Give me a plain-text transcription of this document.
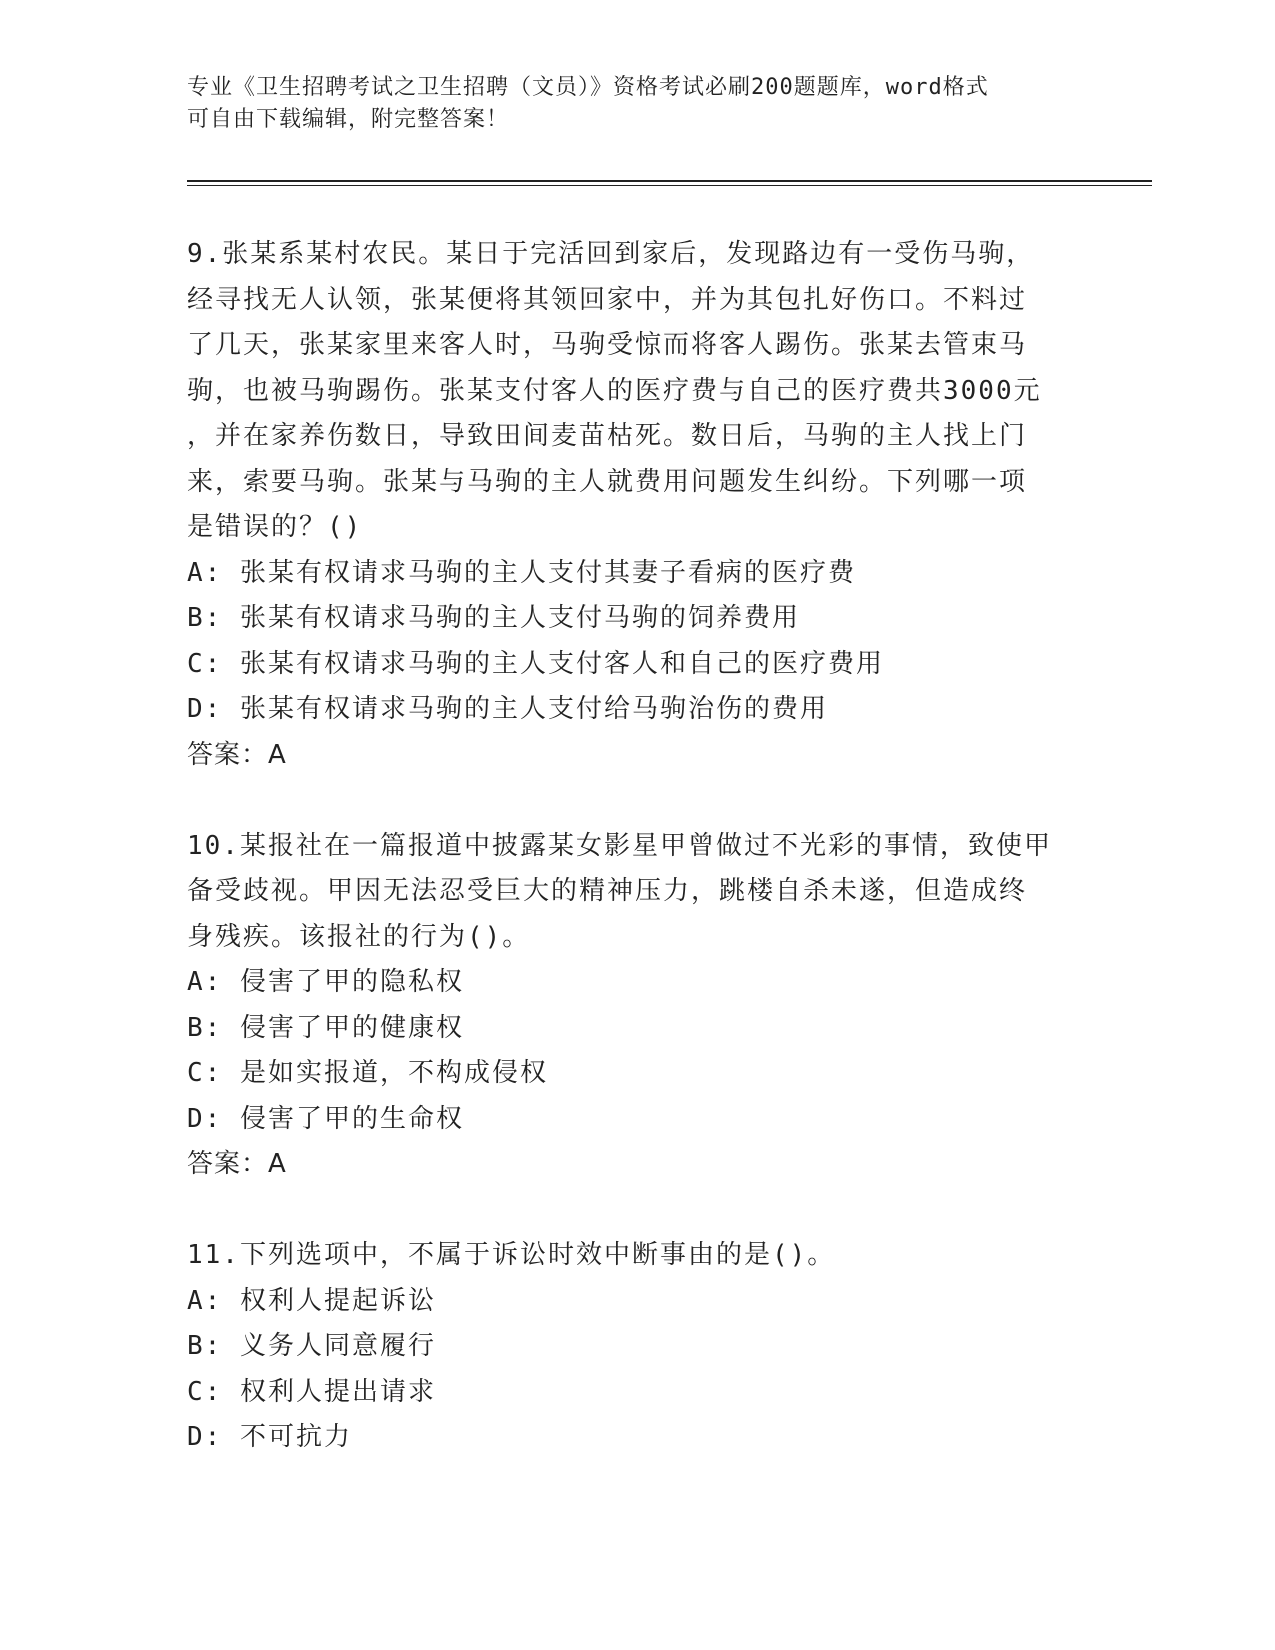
专业《卫生招聘考试之卫生招聘（文员）》资格考试必刷200题题库，word格式
可自由下载编辑，附完整答案！
9.张某系某村农民。某日于完活回到家后，发现路边有一受伤马驹，
经寻找无人认领，张某便将其领回家中，并为其包扎好伤口。不料过
了几天，张某家里来客人时，马驹受惊而将客人踢伤。张某去管束马
驹，也被马驹踢伤。张某支付客人的医疗费与自己的医疗费共3000元
，并在家养伤数日，导致田间麦苗枯死。数日后，马驹的主人找上门
来，索要马驹。张某与马驹的主人就费用问题发生纠纷。下列哪一项
是错误的？()
A: 张某有权请求马驹的主人支付其妻子看病的医疗费
B: 张某有权请求马驹的主人支付马驹的饲养费用
C: 张某有权请求马驹的主人支付客人和自己的医疗费用
D: 张某有权请求马驹的主人支付给马驹治伤的费用
答案：A
10.某报社在一篇报道中披露某女影星甲曾做过不光彩的事情，致使甲
备受歧视。甲因无法忍受巨大的精神压力，跳楼自杀未遂，但造成终
身残疾。该报社的行为()。
A: 侵害了甲的隐私权
B: 侵害了甲的健康权
C: 是如实报道，不构成侵权
D: 侵害了甲的生命权
答案：A
11.下列选项中，不属于诉讼时效中断事由的是()。
A: 权利人提起诉讼
B: 义务人同意履行
C: 权利人提出请求
D: 不可抗力
